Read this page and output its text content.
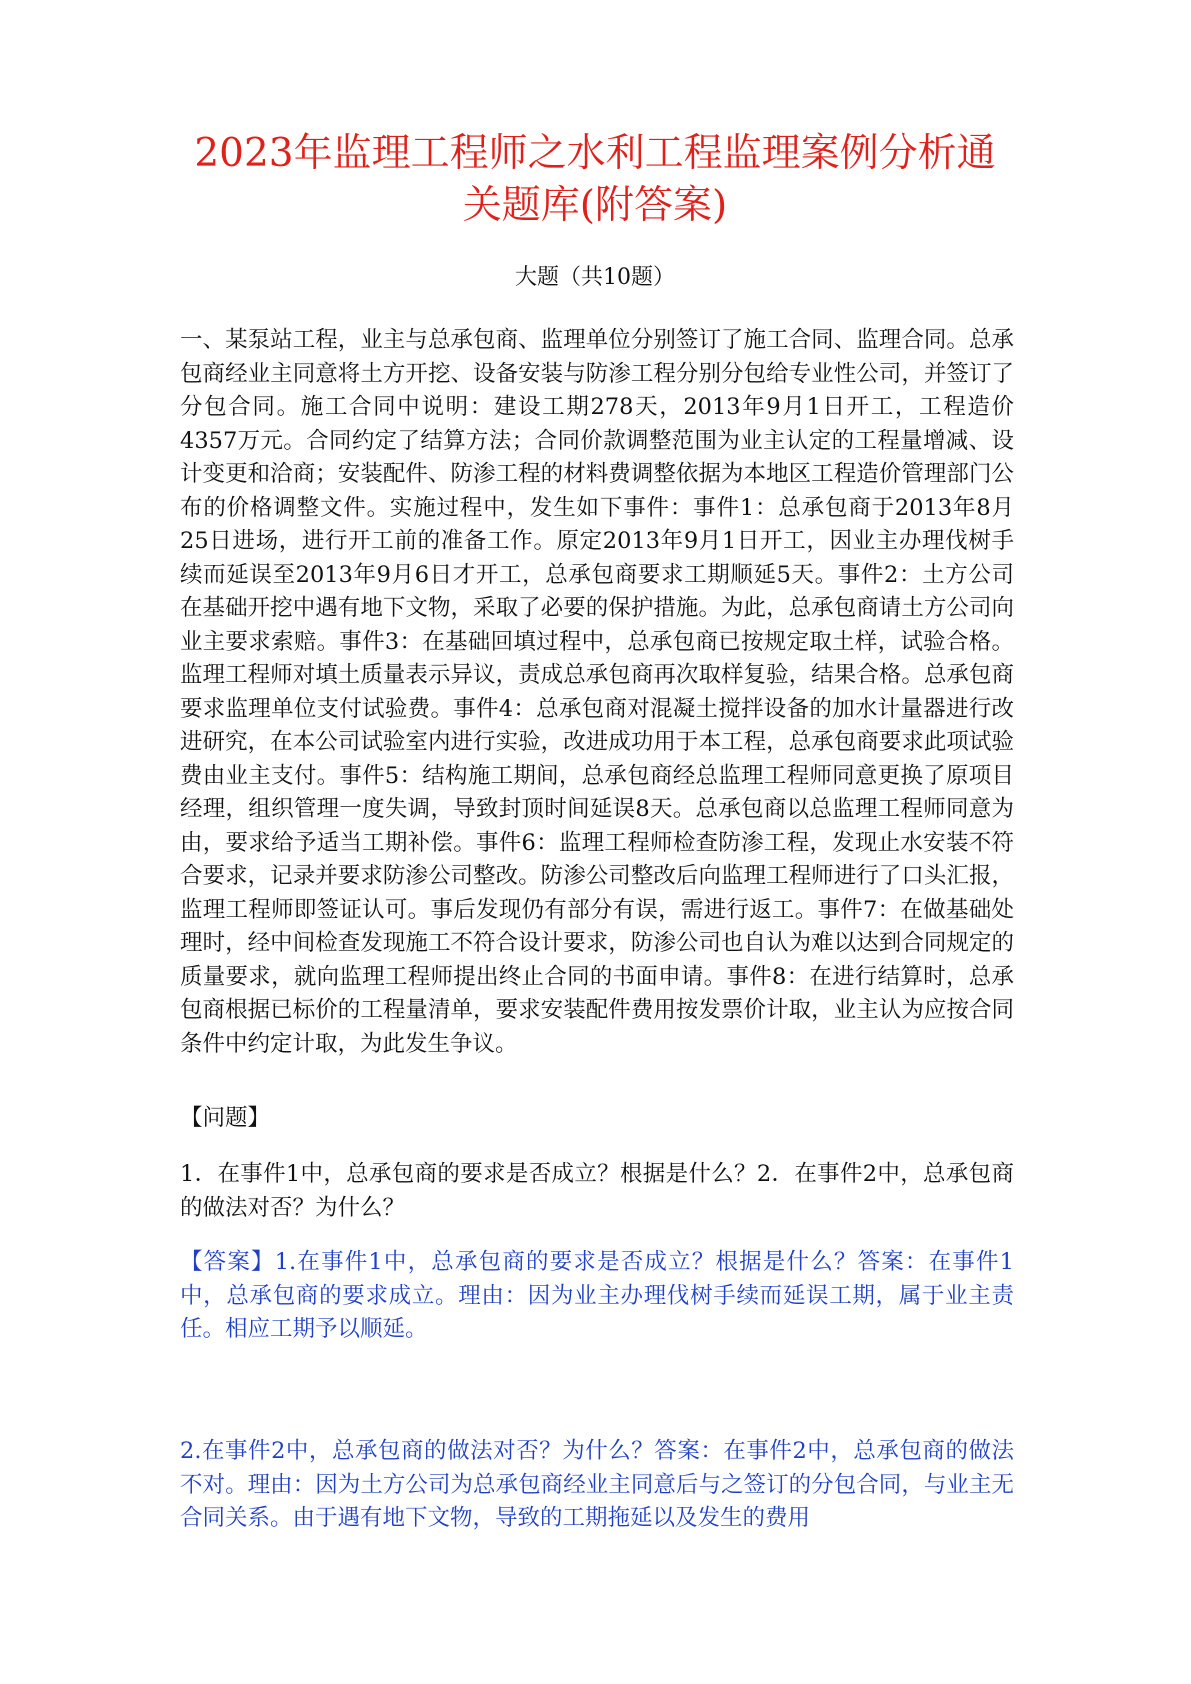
2023年监理工程师之水利工程监理案例分析通关题库(附答案)

大题（共10题）

一、某泵站工程，业主与总承包商、监理单位分别签订了施工合同、监理合同。总承包商经业主同意将土方开挖、设备安装与防渗工程分别分包给专业性公司，并签订了分包合同。施工合同中说明：建设工期278天，2013年9月1日开工，工程造价4357万元。合同约定了结算方法；合同价款调整范围为业主认定的工程量增减、设计变更和洽商；安装配件、防渗工程的材料费调整依据为本地区工程造价管理部门公布的价格调整文件。实施过程中，发生如下事件：事件1：总承包商于2013年8月25日进场，进行开工前的准备工作。原定2013年9月1日开工，因业主办理伐树手续而延误至2013年9月6日才开工，总承包商要求工期顺延5天。事件2：土方公司在基础开挖中遇有地下文物，采取了必要的保护措施。为此，总承包商请土方公司向业主要求索赔。事件3：在基础回填过程中，总承包商已按规定取土样，试验合格。监理工程师对填土质量表示异议，责成总承包商再次取样复验，结果合格。总承包商要求监理单位支付试验费。事件4：总承包商对混凝土搅拌设备的加水计量器进行改进研究，在本公司试验室内进行实验，改进成功用于本工程，总承包商要求此项试验费由业主支付。事件5：结构施工期间，总承包商经总监理工程师同意更换了原项目经理，组织管理一度失调，导致封顶时间延误8天。总承包商以总监理工程师同意为由，要求给予适当工期补偿。事件6：监理工程师检查防渗工程，发现止水安装不符合要求，记录并要求防渗公司整改。防渗公司整改后向监理工程师进行了口头汇报，监理工程师即签证认可。事后发现仍有部分有误，需进行返工。事件7：在做基础处理时，经中间检查发现施工不符合设计要求，防渗公司也自认为难以达到合同规定的质量要求，就向监理工程师提出终止合同的书面申请。事件8：在进行结算时，总承包商根据已标价的工程量清单，要求安装配件费用按发票价计取，业主认为应按合同条件中约定计取，为此发生争议。

【问题】

1．在事件1中，总承包商的要求是否成立？根据是什么？2．在事件2中，总承包商的做法对否？为什么？

【答案】1.在事件1中，总承包商的要求是否成立？根据是什么？答案：在事件1中，总承包商的要求成立。理由：因为业主办理伐树手续而延误工期，属于业主责任。相应工期予以顺延。

2.在事件2中，总承包商的做法对否？为什么？答案：在事件2中，总承包商的做法不对。理由：因为土方公司为总承包商经业主同意后与之签订的分包合同，与业主无合同关系。由于遇有地下文物，导致的工期拖延以及发生的费用
